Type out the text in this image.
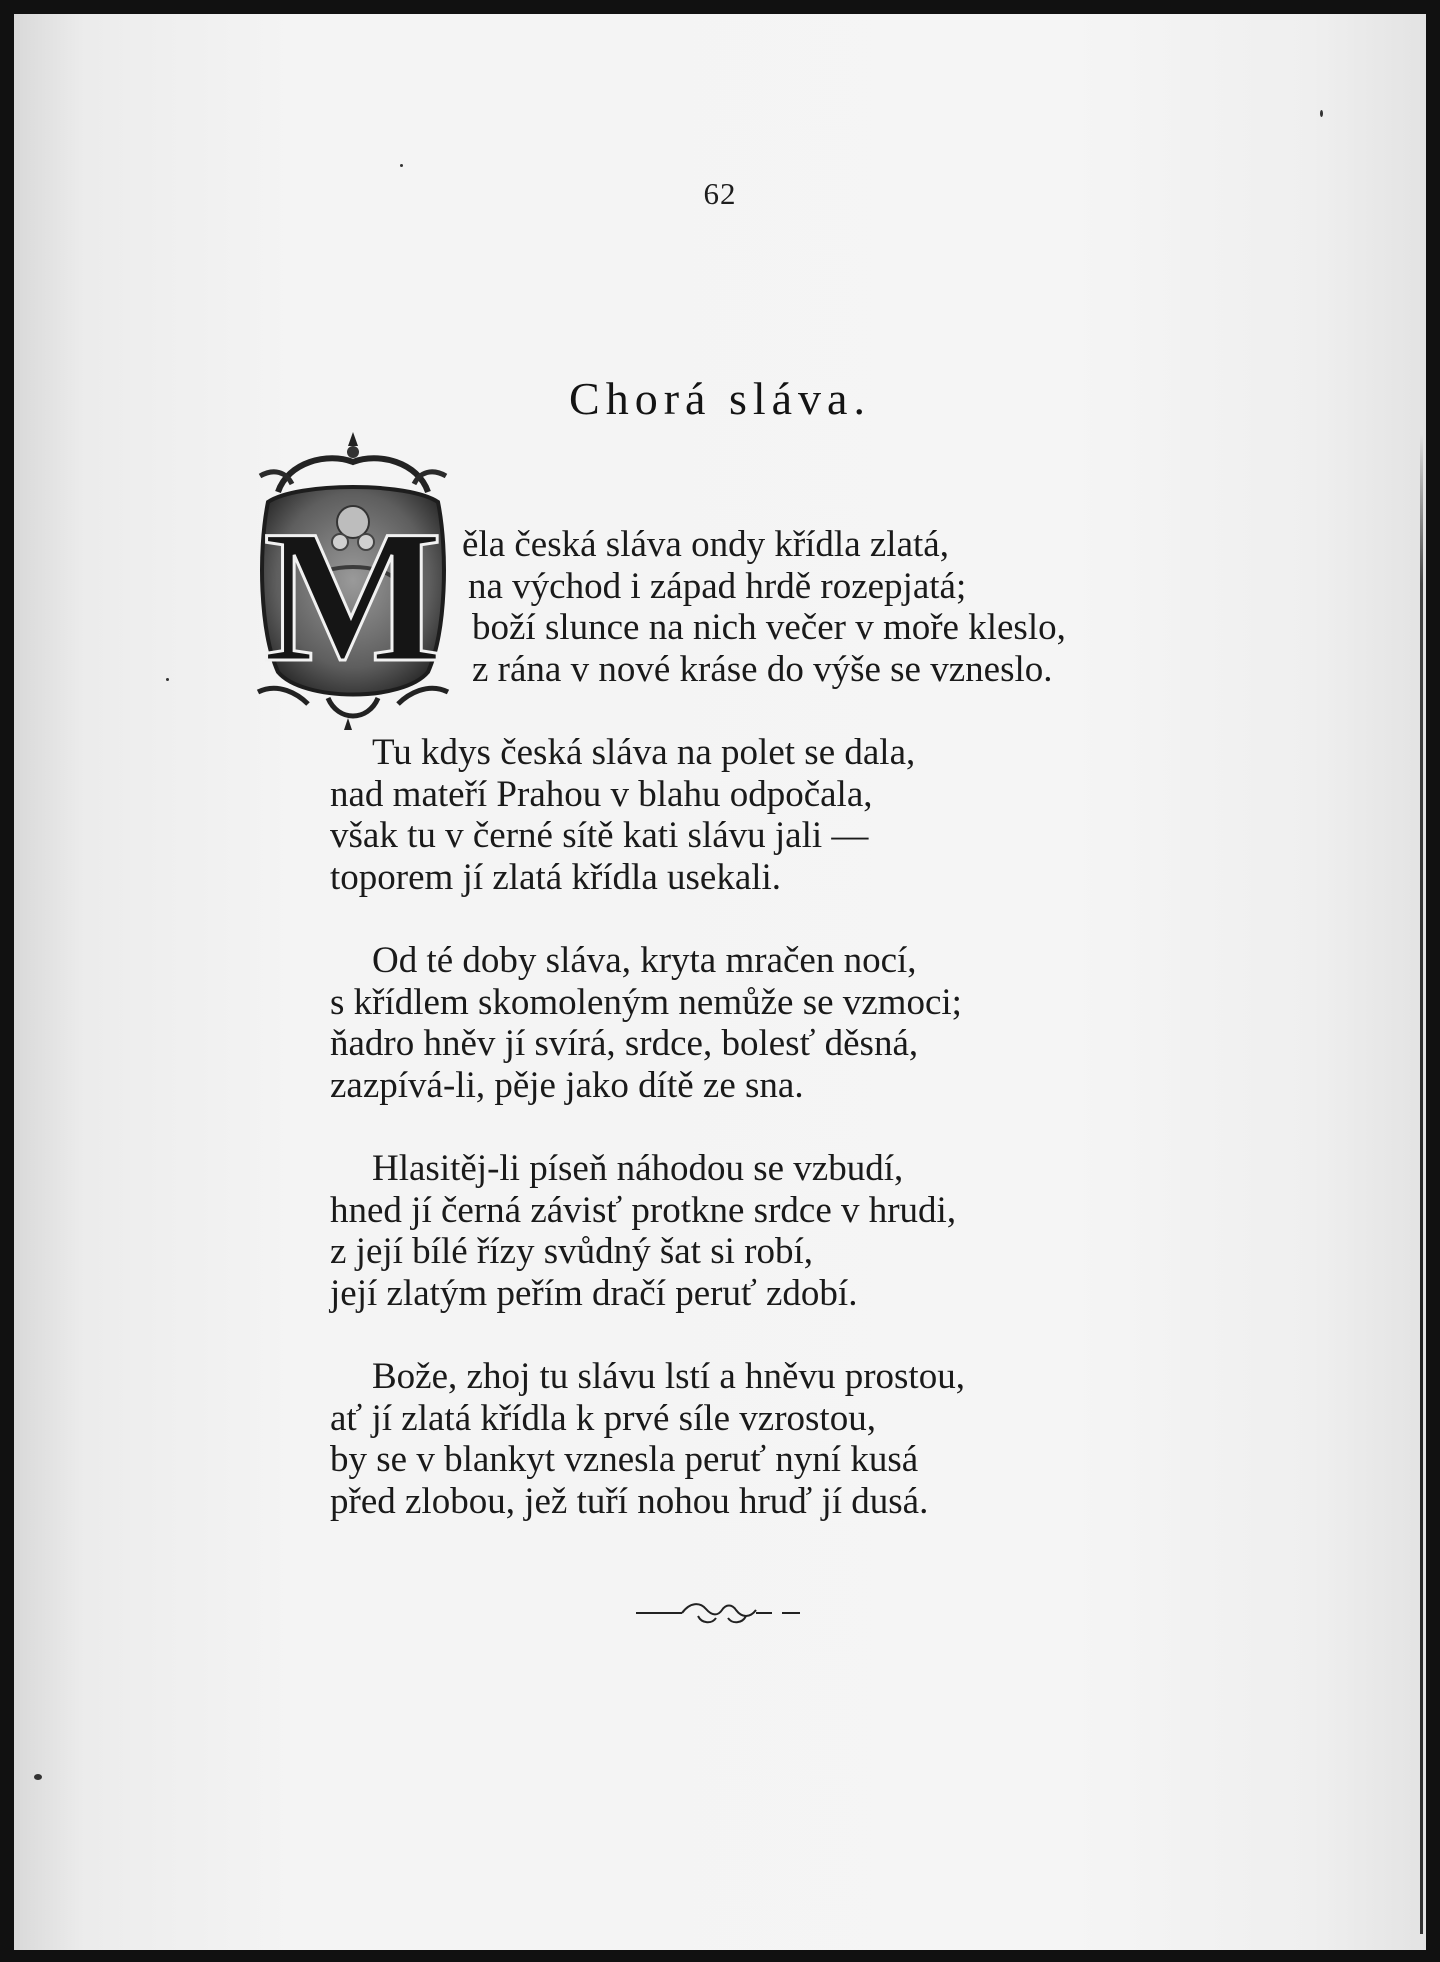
62
Chorá sláva.
M ěla česká sláva ondy křídla zlatá,
na východ i západ hrdě rozepjatá;
boží slunce na nich večer v moře kleslo,
z rána v nové kráse do výše se vzneslo.
Tu kdys česká sláva na polet se dala,
nad mateří Prahou v blahu odpočala,
však tu v černé sítě kati slávu jali —
toporem jí zlatá křídla usekali.
Od té doby sláva, kryta mračen nocí,
s křídlem skomoleným nemůže se vzmoci;
ňadro hněv jí svírá, srdce, bolesť děsná,
zazpívá-li, pěje jako dítě ze sna.
Hlasitěj-li píseň náhodou se vzbudí,
hned jí černá závisť protkne srdce v hrudi,
z její bílé řízy svůdný šat si robí,
její zlatým peřím dračí peruť zdobí.
Bože, zhoj tu slávu lstí a hněvu prostou,
ať jí zlatá křídla k prvé síle vzrostou,
by se v blankyt vznesla peruť nyní kusá
před zlobou, jež tuří nohou hruď jí dusá.
